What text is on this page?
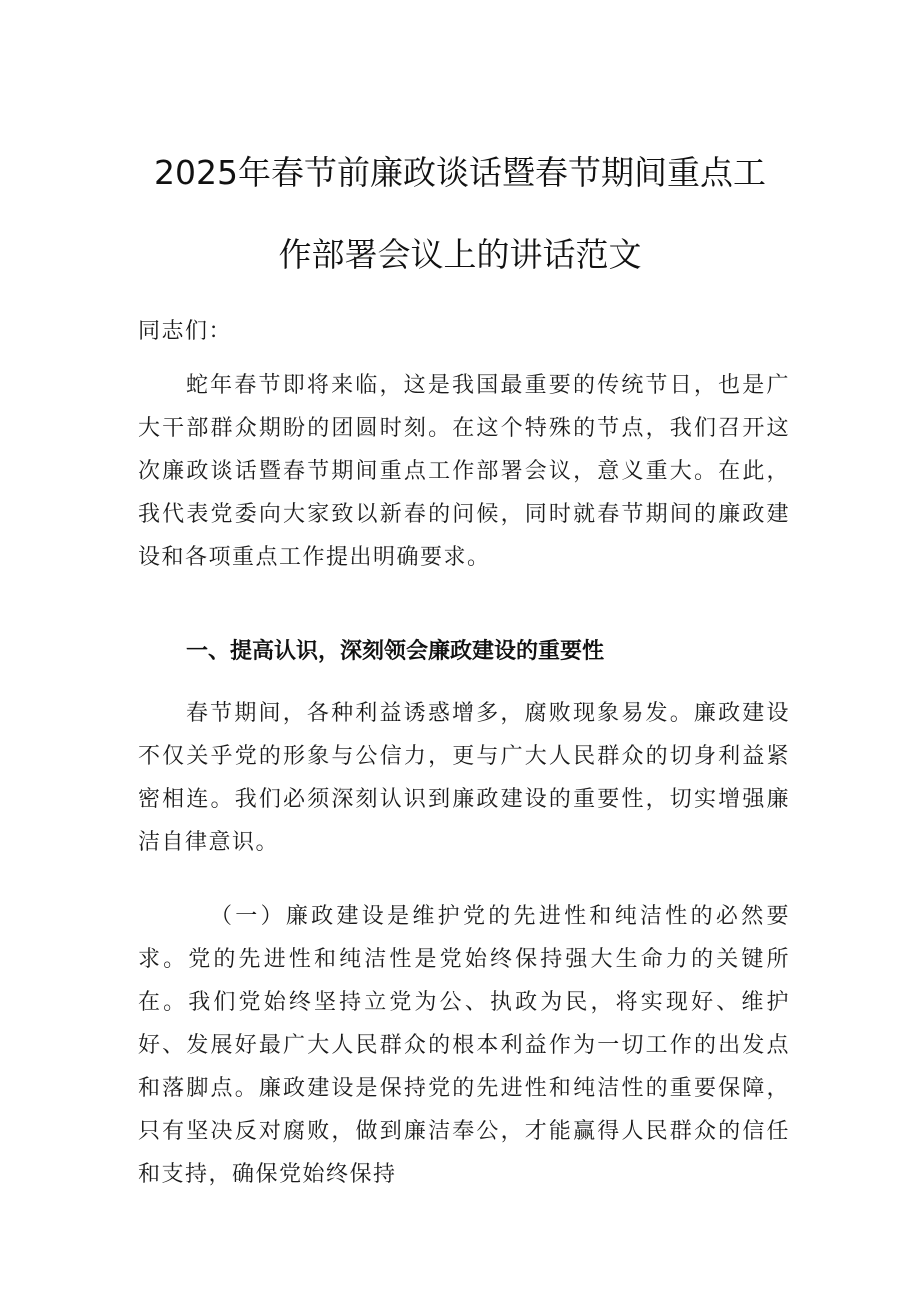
2025年春节前廉政谈话暨春节期间重点工
作部署会议上的讲话范文

同志们：

蛇年春节即将来临，这是我国最重要的传统节日，也是广大干部群众期盼的团圆时刻。在这个特殊的节点，我们召开这次廉政谈话暨春节期间重点工作部署会议，意义重大。在此，我代表党委向大家致以新春的问候，同时就春节期间的廉政建设和各项重点工作提出明确要求。

一、提高认识，深刻领会廉政建设的重要性

春节期间，各种利益诱惑增多，腐败现象易发。廉政建设不仅关乎党的形象与公信力，更与广大人民群众的切身利益紧密相连。我们必须深刻认识到廉政建设的重要性，切实增强廉洁自律意识。

（一）廉政建设是维护党的先进性和纯洁性的必然要求。党的先进性和纯洁性是党始终保持强大生命力的关键所在。我们党始终坚持立党为公、执政为民，将实现好、维护好、发展好最广大人民群众的根本利益作为一切工作的出发点和落脚点。廉政建设是保持党的先进性和纯洁性的重要保障，只有坚决反对腐败，做到廉洁奉公，才能赢得人民群众的信任和支持，确保党始终保持
